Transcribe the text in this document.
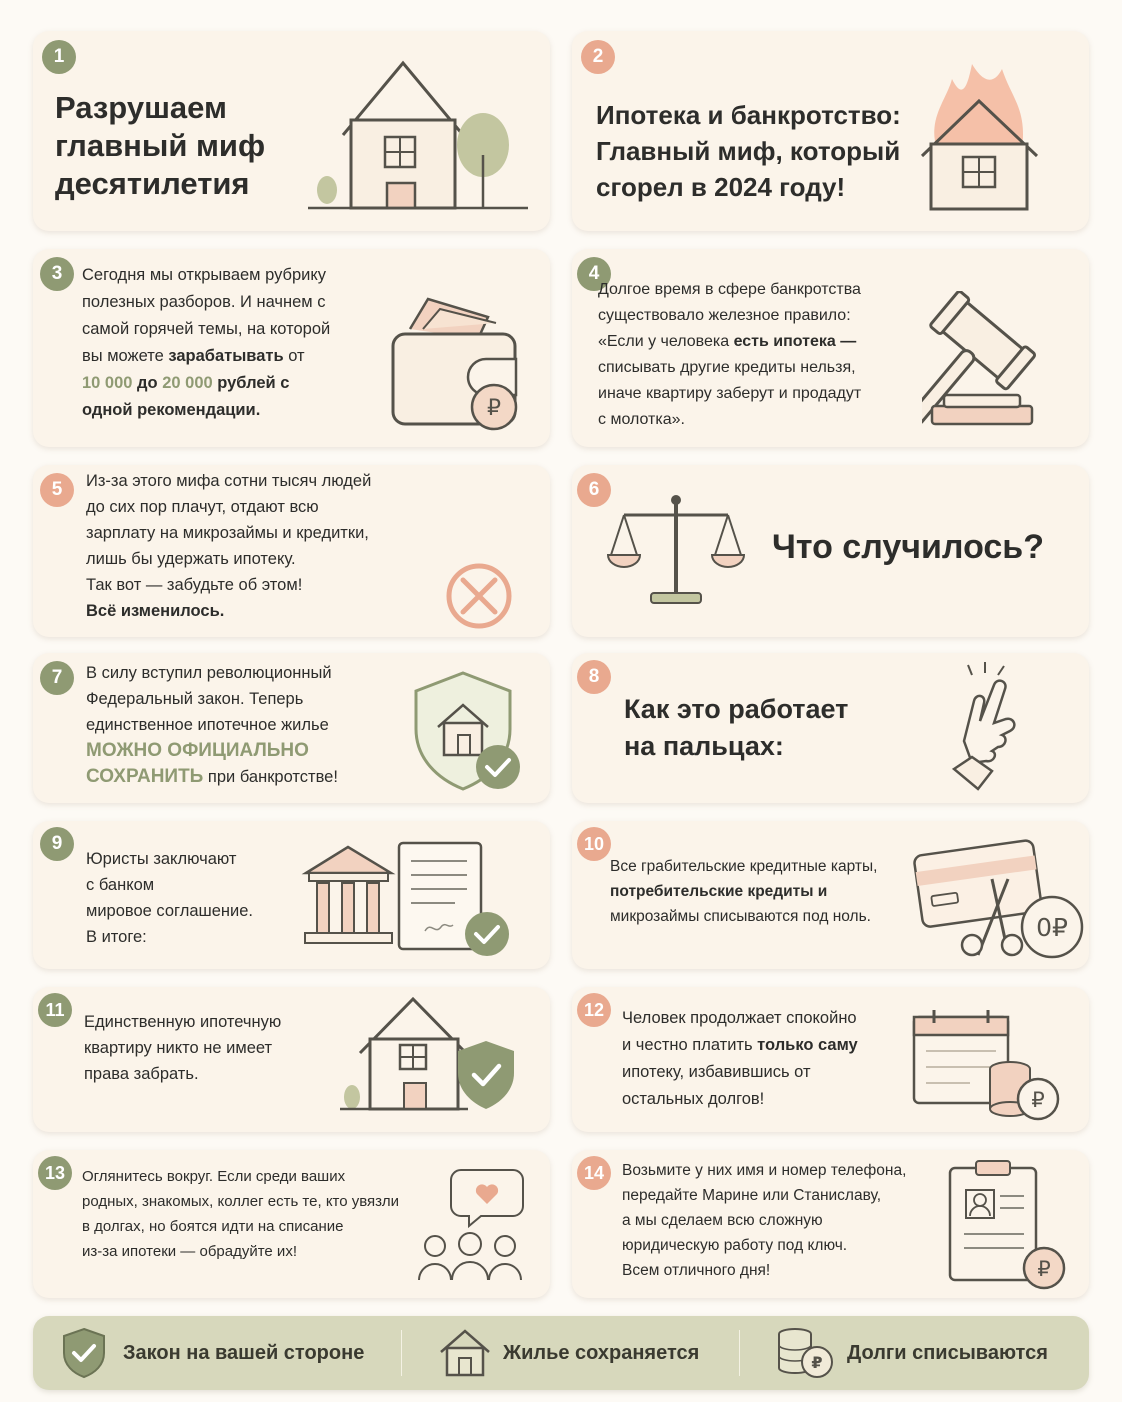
1
Разрушаем
главный миф
десятилетия
2
Ипотека и банкротство:
Главный миф, который
сгорел в 2024 году!
3	Сегодня мы открываем рубрику
полезных разборов. И начнем с
самой горячей темы, на которой
вы можете зарабатывать от
10 000 до 20 000 рублей с
одной рекомендации.	₽
4
Долгое время в сфере банкротства
существовало железное правило:
«Если у человека есть ипотека —
списывать другие кредиты нельзя,
иначе квартиру заберут и продадут
с молотка».
5	Из-за этого мифа сотни тысяч людей
до сих пор плачут, отдают всю
зарплату на микрозаймы и кредитки,
лишь бы удержать ипотеку.
Так вот — забудьте об этом!
Всё изменилось.
6
Что случилось?
7	В силу вступил революционный
Федеральный закон. Теперь
единственное ипотечное жилье
МОЖНО ОФИЦИАЛЬНО
СОХРАНИТЬ при банкротстве!
8
Как это работает
на пальцах:
9
Юристы заключают
с банком
мировое соглашение.
В итоге:
10
Все грабительские кредитные карты,
потребительские кредиты и
микрозаймы списываются под ноль.	0₽
11
Единственную ипотечную
квартиру никто не имеет
права забрать.
12	Человек продолжает спокойно
и честно платить только саму
ипотеку, избавившись от
остальных долгов!	₽
13	Оглянитесь вокруг. Если среди ваших
родных, знакомых, коллег есть те, кто увязли
в долгах, но боятся идти на списание
из-за ипотеки — обрадуйте их!
14	Возьмите у них имя и номер телефона,
передайте Марине или Станиславу,
а мы сделаем всю сложную
юридическую работу под ключ.
Всем отличного дня!	₽
Закон на вашей стороне	Жилье сохраняется	₽ Долги списываются
